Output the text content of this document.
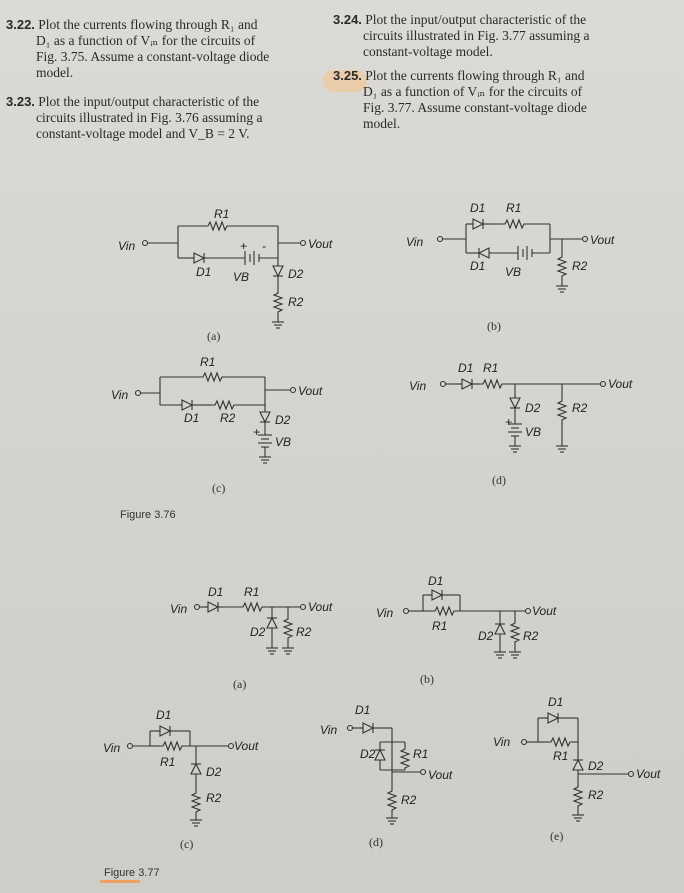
3.22. Plot the currents flowing through R₁ and
D₁ as a function of Vᵢₙ for the circuits of
Fig. 3.75. Assume a constant-voltage diode
model.
3.23. Plot the input/output characteristic of the
circuits illustrated in Fig. 3.76 assuming a
constant-voltage model and V_B = 2 V.
3.24. Plot the input/output characteristic of the
circuits illustrated in Fig. 3.77 assuming a
constant-voltage model.
3.25. Plot the currents flowing through R₁ and
D₁ as a function of Vᵢₙ for the circuits of
Fig. 3.77. Assume constant-voltage diode
model.
R1
Vin	Vout
D1 VB
+ -
D2
R2
(a)
D1 R1
Vin	Vout
D1 VB	R2
(b)
R1
Vin	Vout
D1 R2	D2
+
VB
(c)
D1 R1
Vin	Vout
D2
+
VB
R2
(d)
Figure 3.76
D1 R1
Vin	Vout
D2	R2
(a)
D1
Vin	Vout
R1
D2 R2
(b)
D1
Vin	Vout
R1
D2
R2
(c)
D1
Vin
D2	R1
Vout
R2
(d)
D1
Vin
R1
D2
Vout
R2
(e)
Figure 3.77
